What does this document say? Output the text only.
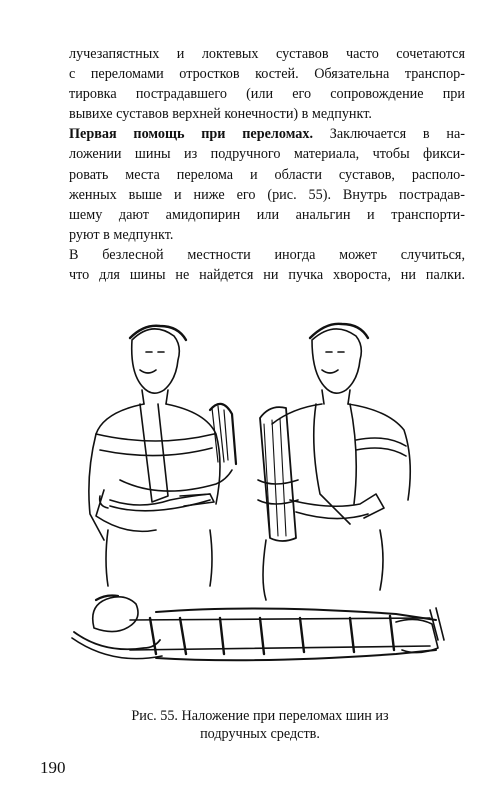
лучезапястных и локтевых суставов часто сочетаются
с переломами отростков костей. Обязательна транспор-
тировка пострадавшего (или его сопровождение при
вывихе суставов верхней конечности) в медпункт.
Первая помощь при переломах. Заключается в на-
ложении шины из подручного материала, чтобы фикси-
ровать места перелома и области суставов, располо-
женных выше и ниже его (рис. 55). Внутрь пострадав-
шему дают амидопирин или анальгин и транспорти-
руют в медпункт.
В безлесной местности иногда может случиться,
что для шины не найдется ни пучка хвороста, ни палки.
Рис. 55. Наложение при переломах шин из
подручных средств.
190
